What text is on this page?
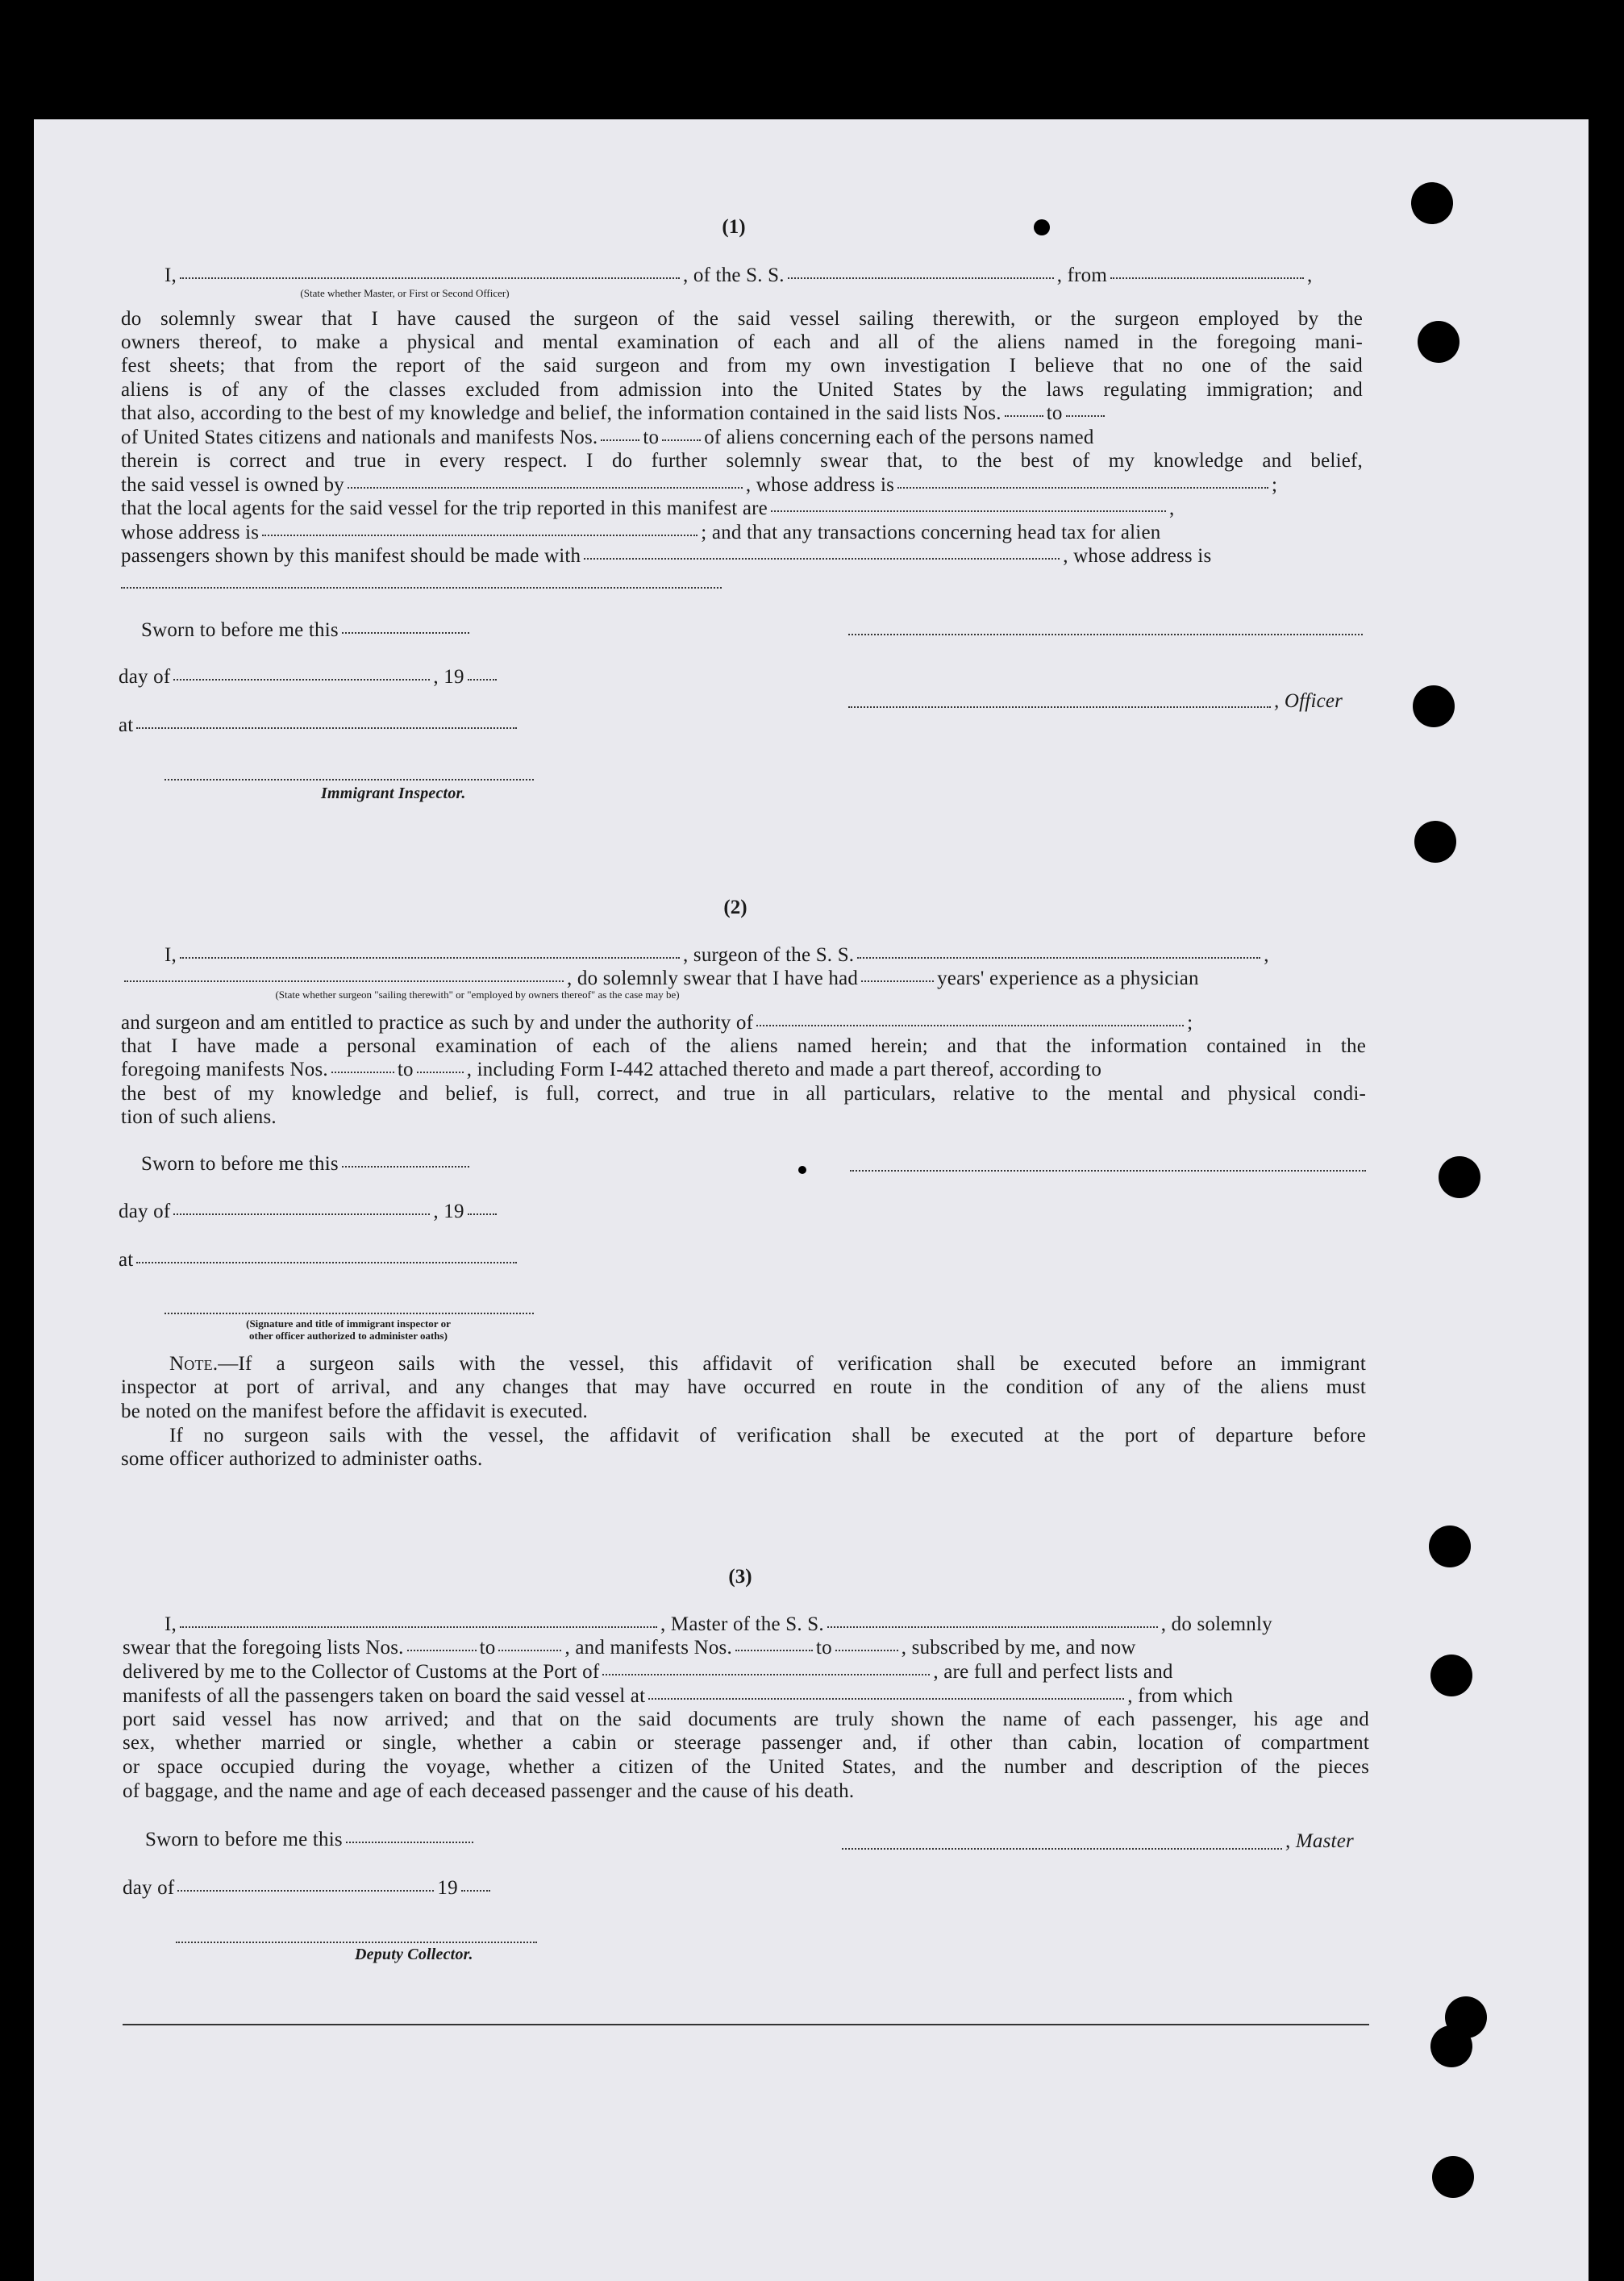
(1)
I,	, of the S. S.	, from	,
(State whether Master, or First or Second Officer)
do solemnly swear that I have caused the surgeon of the said vessel sailing therewith, or the surgeon employed by the
owners thereof, to make a physical and mental examination of each and all of the aliens named in the foregoing mani-
fest sheets; that from the report of the said surgeon and from my own investigation I believe that no one of the said
aliens is of any of the classes excluded from admission into the United States by the laws regulating immigration; and
that also, according to the best of my knowledge and belief, the information contained in the said lists Nos. to
of United States citizens and nationals and manifests Nos. to of aliens concerning each of the persons named
therein is correct and true in every respect. I do further solemnly swear that, to the best of my knowledge and belief,
the said vessel is owned by	, whose address is	;
that the local agents for the said vessel for the trip reported in this manifest are	,
whose address is	; and that any transactions concerning head tax for alien
passengers shown by this manifest should be made with	, whose address is
Sworn to before me this
day of	, 19
, Officer
at
Immigrant Inspector.
(2)
I,	, surgeon of the S. S.	,
, do solemnly swear that I have had	years' experience as a physician
(State whether surgeon "sailing therewith" or "employed by owners thereof" as the case may be)
and surgeon and am entitled to practice as such by and under the authority of	;
that I have made a personal examination of each of the aliens named herein; and that the information contained in the
foregoing manifests Nos.	to	, including Form I-442 attached thereto and made a part thereof, according to
the best of my knowledge and belief, is full, correct, and true in all particulars, relative to the mental and physical condi-
tion of such aliens.
Sworn to before me this
day of	, 19
at
(Signature and title of immigrant inspector or
other officer authorized to administer oaths)
Note.—If a surgeon sails with the vessel, this affidavit of verification shall be executed before an immigrant
inspector at port of arrival, and any changes that may have occurred en route in the condition of any of the aliens must
be noted on the manifest before the affidavit is executed.
If no surgeon sails with the vessel, the affidavit of verification shall be executed at the port of departure before
some officer authorized to administer oaths.
(3)
I,	, Master of the S. S.	, do solemnly
swear that the foregoing lists Nos.	to	, and manifests Nos.	to	, subscribed by me, and now
delivered by me to the Collector of Customs at the Port of	, are full and perfect lists and
manifests of all the passengers taken on board the said vessel at	, from which
port said vessel has now arrived; and that on the said documents are truly shown the name of each passenger, his age and
sex, whether married or single, whether a cabin or steerage passenger and, if other than cabin, location of compartment
or space occupied during the voyage, whether a citizen of the United States, and the number and description of the pieces
of baggage, and the name and age of each deceased passenger and the cause of his death.
Sworn to before me this	, Master
day of	19
Deputy Collector.
